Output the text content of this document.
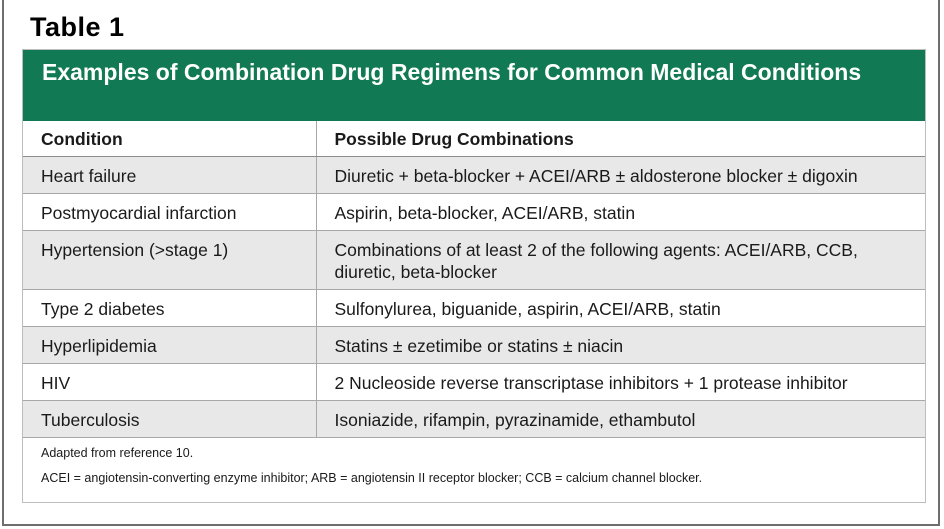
Table 1
Examples of Combination Drug Regimens for Common Medical Conditions
Condition	Possible Drug Combinations
Heart failure	Diuretic + beta-blocker + ACEI/ARB ± aldosterone blocker ± digoxin
Postmyocardial infarction	Aspirin, beta-blocker, ACEI/ARB, statin
Hypertension (>stage 1)	Combinations of at least 2 of the following agents: ACEI/ARB, CCB, diuretic, beta-blocker
Type 2 diabetes	Sulfonylurea, biguanide, aspirin, ACEI/ARB, statin
Hyperlipidemia	Statins ± ezetimibe or statins ± niacin
HIV	2 Nucleoside reverse transcriptase inhibitors + 1 protease inhibitor
Tuberculosis	Isoniazide, rifampin, pyrazinamide, ethambutol
Adapted from reference 10.
ACEI = angiotensin-converting enzyme inhibitor; ARB = angiotensin II receptor blocker; CCB = calcium channel blocker.
